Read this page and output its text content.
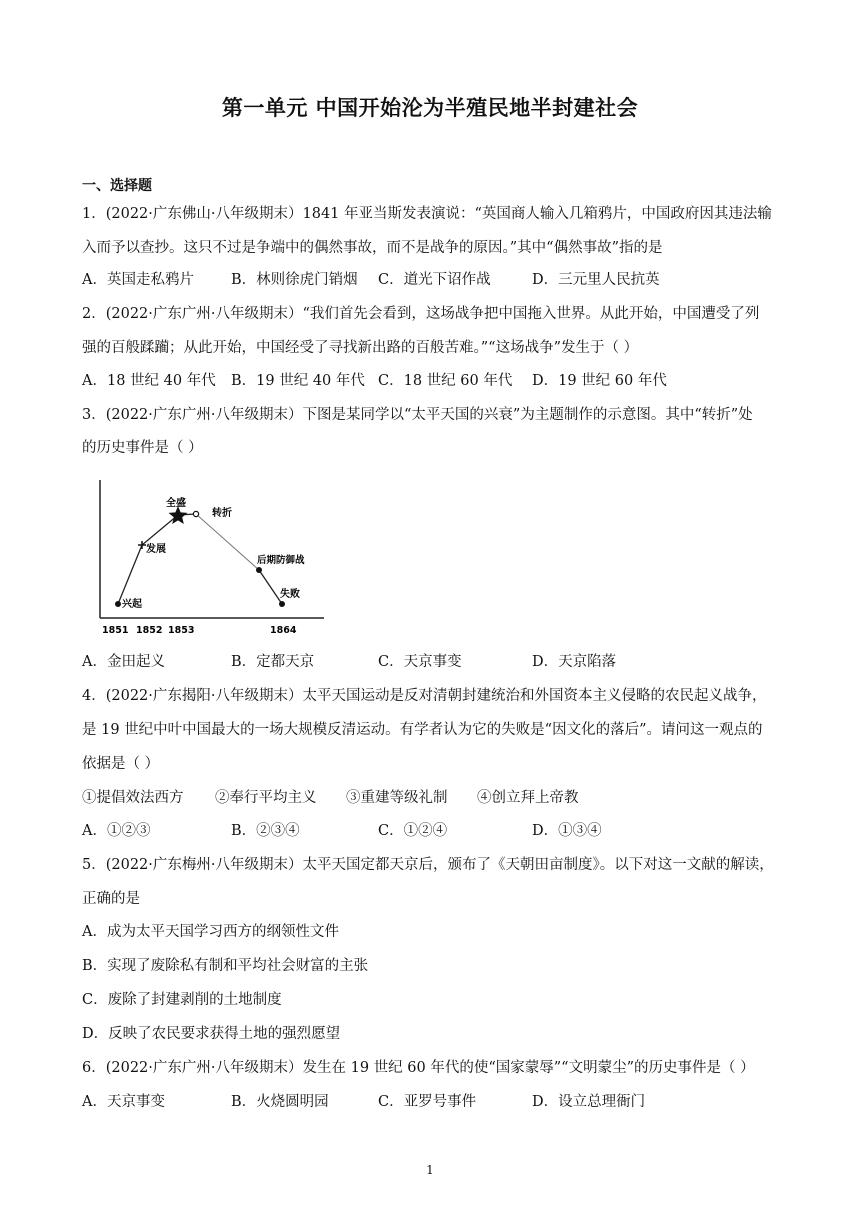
第一单元 中国开始沦为半殖民地半封建社会
一、选择题
1．(2022·广东佛山·八年级期末）1841 年亚当斯发表演说：“英国商人输入几箱鸦片，中国政府因其违法输
入而予以查抄。这只不过是争端中的偶然事故，而不是战争的原因。”其中“偶然事故”指的是
A．英国走私鸦片	B．林则徐虎门销烟 C．道光下诏作战	D．三元里人民抗英
2．(2022·广东广州·八年级期末）“我们首先会看到，这场战争把中国拖入世界。从此开始，中国遭受了列
强的百般蹂躏；从此开始，中国经受了寻找新出路的百般苦难。”“这场战争”发生于（ ）
A．18 世纪 40 年代 B．19 世纪 40 年代 C．18 世纪 60 年代 D．19 世纪 60 年代
3．(2022·广东广州·八年级期末）下图是某同学以“太平天国的兴衰”为主题制作的示意图。其中“转折”处
的历史事件是（ ）
兴起
发展
全盛
转折
后期防御战
失败
1851 1852 1853	1864
A．金田起义	B．定都天京	C．天京事变	D．天京陷落
4．(2022·广东揭阳·八年级期末）太平天国运动是反对清朝封建统治和外国资本主义侵略的农民起义战争，
是 19 世纪中叶中国最大的一场大规模反清运动。有学者认为它的失败是“因文化的落后”。请问这一观点的
依据是（ ）
①提倡效法西方 ②奉行平均主义 ③重建等级礼制 ④创立拜上帝教
A．①②③	B．②③④	C．①②④	D．①③④
5．(2022·广东梅州·八年级期末）太平天国定都天京后，颁布了《天朝田亩制度》。以下对这一文献的解读，
正确的是
A．成为太平天国学习西方的纲领性文件
B．实现了废除私有制和平均社会财富的主张
C．废除了封建剥削的土地制度
D．反映了农民要求获得土地的强烈愿望
6．(2022·广东广州·八年级期末）发生在 19 世纪 60 年代的使“国家蒙辱”“文明蒙尘”的历史事件是（ ）
A．天京事变	B．火烧圆明园	C．亚罗号事件	D．设立总理衙门
1
